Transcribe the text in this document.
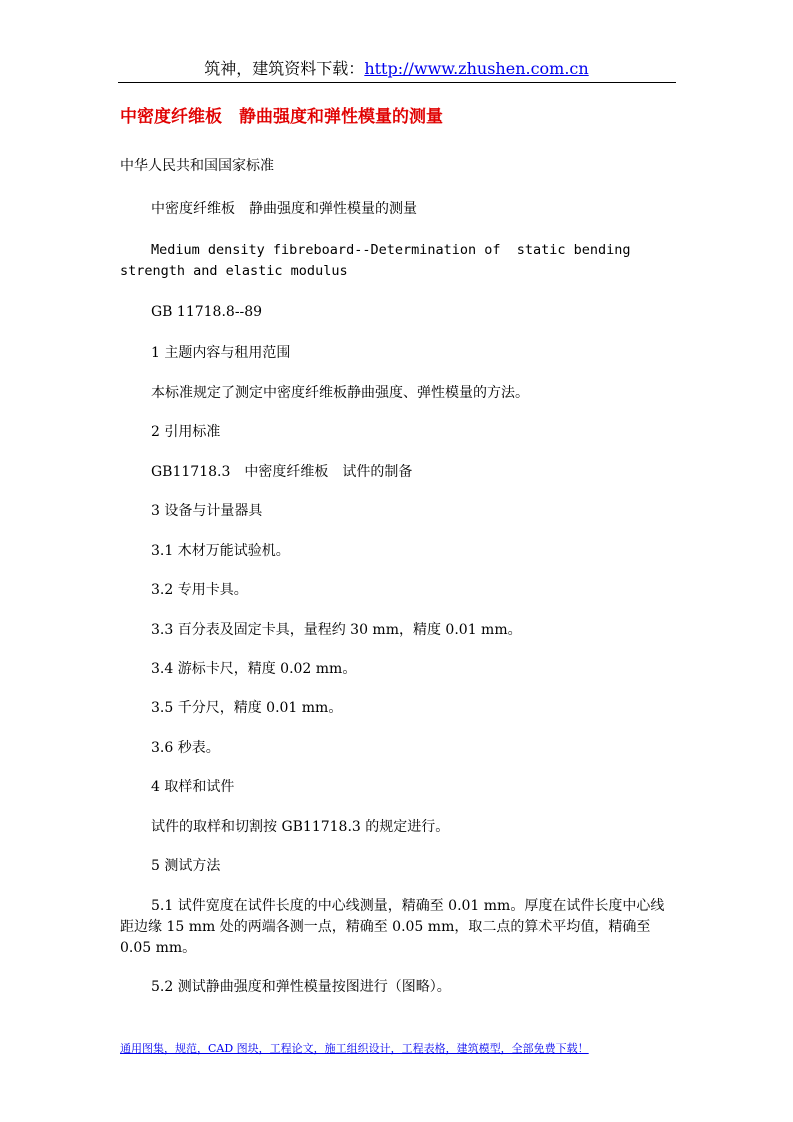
筑神，建筑资料下载：http://www.zhushen.com.cn
中密度纤维板　静曲强度和弹性模量的测量
中华人民共和国国家标准
中密度纤维板　静曲强度和弹性模量的测量
Medium density fibreboard--Determination of  static bending
strength and elastic modulus
GB 11718.8--89
1 主题内容与租用范围
本标准规定了测定中密度纤维板静曲强度、弹性模量的方法。
2 引用标准
GB11718.3　中密度纤维板　试件的制备
3 设备与计量器具
3.1 木材万能试验机。
3.2 专用卡具。
3.3 百分表及固定卡具，量程约 30 mm，精度 0.01 mm。
3.4 游标卡尺，精度 0.02 mm。
3.5 千分尺，精度 0.01 mm。
3.6 秒表。
4 取样和试件
试件的取样和切割按 GB11718.3 的规定进行。
5 测试方法
5.1 试件宽度在试件长度的中心线测量，精确至 0.01 mm。厚度在试件长度中心线距边缘 15 mm 处的两端各测一点，精确至 0.05 mm，取二点的算术平均值，精确至 0.05 mm。
5.2 测试静曲强度和弹性模量按图进行（图略）。
通用图集，规范，CAD 图块，工程论文，施工组织设计，工程表格，建筑模型，全部免费下载！
